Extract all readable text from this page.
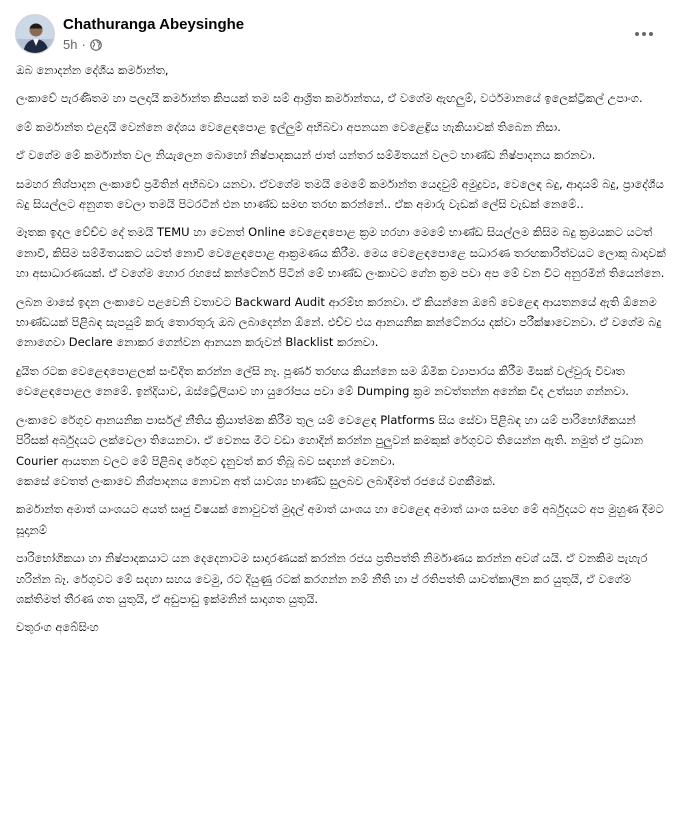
Chathuranga Abeysinghe
5h ·

ඔබ නොදන්න දේශීය කර්මාන්ත,

ලංකාවේ පැරණිතම හා පලදායි කර්මාන්ත කිපයක් තම සම් ආශ්‍රිත කර්මාන්තය, ඒ වගේම ඇඟලුම්, වර්ථමානයේ ඉලෙක්ට්‍රිකල් උපාංග.

මේ කර්මාන්ත එළදායි වෙන්නෙ දේශය වෙළෙඳපොළ ඉල්ලුම් අභිබවා අපනයන වෙළෙඳ්‍රිය හැකියාවක් තිබෙන නිසා.

ඒ වගේම මේ කර්මාන්ත වල නියැලෙන බොහෝ නිෂ්පාදකයන් ජාත් යන්තර සම්මිතයන් වලට භාණ්ඩ නිෂ්පාදනය කරනවා.

සමහර නිශ්පාදන ලංකාවේ ප්‍රමිතින් අභිබවා යනවා. ඒවගේම තමයි මෙමේ කර්මාන්ත යෙදවුම් අමුද්‍රව්‍ය, වෙලෙඳ බදු, ආදායම් බදු, ප්‍රාදේශීය බදු සියල්ලට අනුගත වෙලා තමයි පිටරටින් එන භාණ්ඩ සමඟ තරඟ කරන්නේ.. ඒක අමාරු වැඩක් ලේසි වැඩක් නෙමේ..

මෑතක ඉදල වේච්ච දේ තමයි TEMU හා වෙනත් Online වෙළෙඳපොළ ක්‍රම හරහා මෙමේ භාණ්ඩ සියල්ලම කිසිම බදු ක්‍රමයකට යටත් නොවී, කිසිම සම්මිතයකට යටත් නොවී වෙළෙඳපොළ ආක්‍රමණය කිරීම. මෙය වෙළෙඳපොළෙ සධාරණ තරඟකාරිත්වයට ලොකු බාදාවක් හා අසාධාරණයක්. ඒ වගේම හොර රහසේ කන්ටේනර් පිටින් මේ භාණ්ඩ ලංකාවට ගේන ක්‍රම පවා අප මේ වන විට අනුරමින් තියෙන්නෙ.

ලබන මාසේ ඉදන ලංකාවෙ පළවෙනි වතාවට Backward Audit ආරම්භ කරනවා. ඒ කියන්නෙ ඔබේ වෙළෙඳ ආයතනයේ ඇති ඕනෙම භාණ්ඩයක් පිළිබඳ සැපයුම් කරු තොරතුරු ඔබ ලබාදෙන්න ඕනේ. එච්ච එය ආනයනික කන්ටේනරය දක්වා පරීක්ෂාවෙනවා. ඒ වගේම බදු නොගෙවා Declare නොකර ගෙන්වන ආනයන කරුවන් Blacklist කරනවා.

දුයිත රටක වෙළෙඳපොළලක් සංවිදිත කරන්න ලේසි නෑ. පූර්ණ තරඟය කියන්නෙ සම ඕමික ව්‍යාපාරය කිරීම මිසක් වල්වුරු විවෘත වෙළෙඳපොළල නෙමේ. ඉන්දියාව, ඔස්ට්‍රේලියාව හා යුරෝපය පවා මේ Dumping ක්‍රම නවත්තන්න අනේක විද උත්සහ ගන්නවා.

ලංකාවෙ රේගුව ආනයනික පාර්සල් නීතිය ක්‍රියාත්මක කිරීම තුල යම් වෙළෙඳ Platforms සිය සේවා පිළිබඳ හා යම් පාරිභෝගිකයන් පිරිසක් අර්බුදයට ලක්වෙලා තියෙනවා. ඒ වෙනස මීට වඩා හොදින් කරන්න පුලුවන් කමකුක් රේගුවට තියෙන්න ඇති. නමුත් ඒ ප්‍රධාන Courier ආයතන වලට මේ පිළිබඳ රේගුව දැනුවත් කර තිබූ බව සඳහන් වෙනවා.
කෙසේ වෙතත් ලංකාවෙ නිශ්පාදනය නොවන අත් යාවශ්‍ය භාණ්ඩ සුලබව ලබාදීමත් රජයේ වගකීමක්.

කර්මාන්ත අමාත් යාංශයට අයත් සෘජු විෂයක් නොවුවත් මුදල් අමාත් යාංශය හා වෙළෙඳ අමාත් යාංශ සමඟ මේ අර්බුදයට අප මුහුණ දීමට සූදානම්

පාරිභෝගිකයා හා නිෂ්පාදකයාට යන දෙදෙනාටම සාදාරණයක් කරන්න රජය ප්‍රතිපත්ති නිර්මාණය කරන්න අවශ් යයි. ඒ වනකිම පැහැර හරින්න බෑ. රේගුවට මේ සදහා සහය වෙමු, රට දියුණු රටක් කරගන්න නම් නීති හා ප් රතිපත්ති යාවත්කාලීන කර යුතුයි, ඒ වගේම ශක්තිමත් තීරණ ගත යුතුයි, ඒ අඩුපාඩු ඉක්මනින් සාදාගත යුතුයි.

චතුරංග අබේසිංහ
